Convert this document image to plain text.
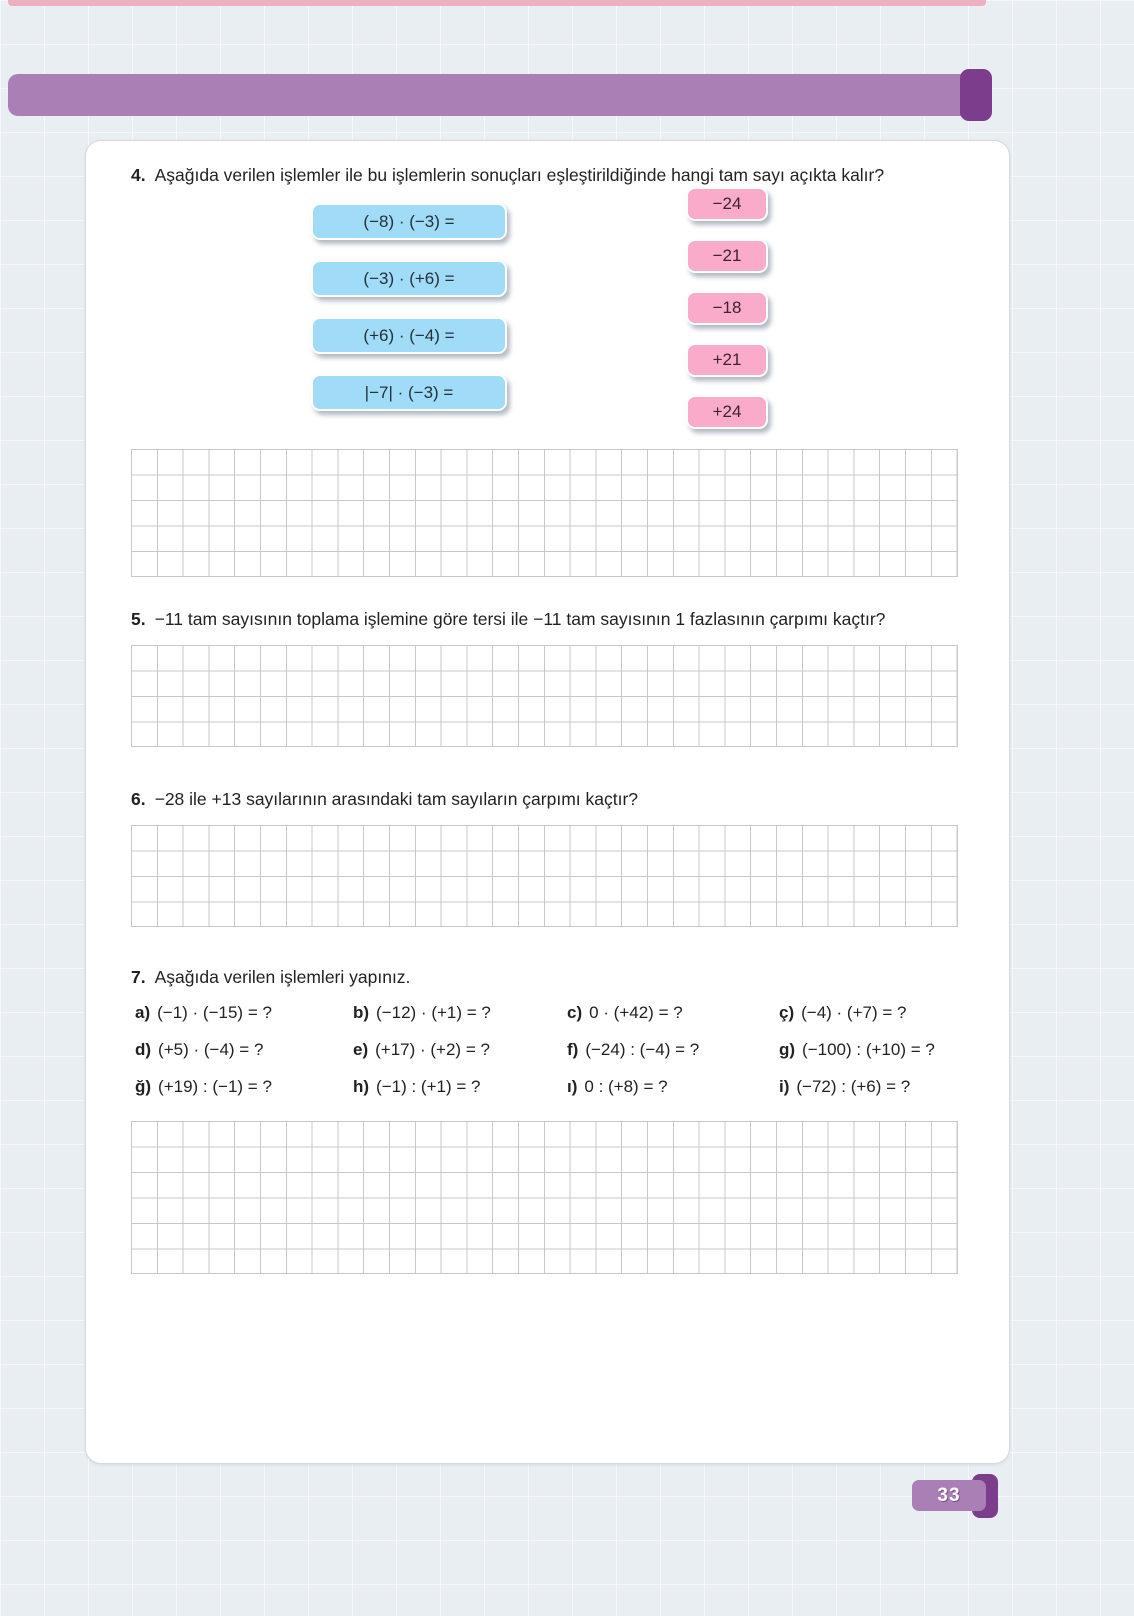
4. Aşağıda verilen işlemler ile bu işlemlerin sonuçları eşleştirildiğinde hangi tam sayı açıkta kalır?
(−8) · (−3) =
(−3) · (+6) =
(+6) · (−4) =
|−7| · (−3) =
−24
−21
−18
+21
+24
5. −11 tam sayısının toplama işlemine göre tersi ile −11 tam sayısının 1 fazlasının çarpımı kaçtır?
6. −28 ile +13 sayılarının arasındaki tam sayıların çarpımı kaçtır?
7. Aşağıda verilen işlemleri yapınız.
a) (−1) · (−15) = ?	b) (−12) · (+1) = ?	c) 0 · (+42) = ?	ç) (−4) · (+7) = ?
d) (+5) · (−4) = ?	e) (+17) · (+2) = ?	f) (−24) : (−4) = ?	g) (−100) : (+10) = ?
ğ) (+19) : (−1) = ?	h) (−1) : (+1) = ?	ı) 0 : (+8) = ?	i) (−72) : (+6) = ?
33
